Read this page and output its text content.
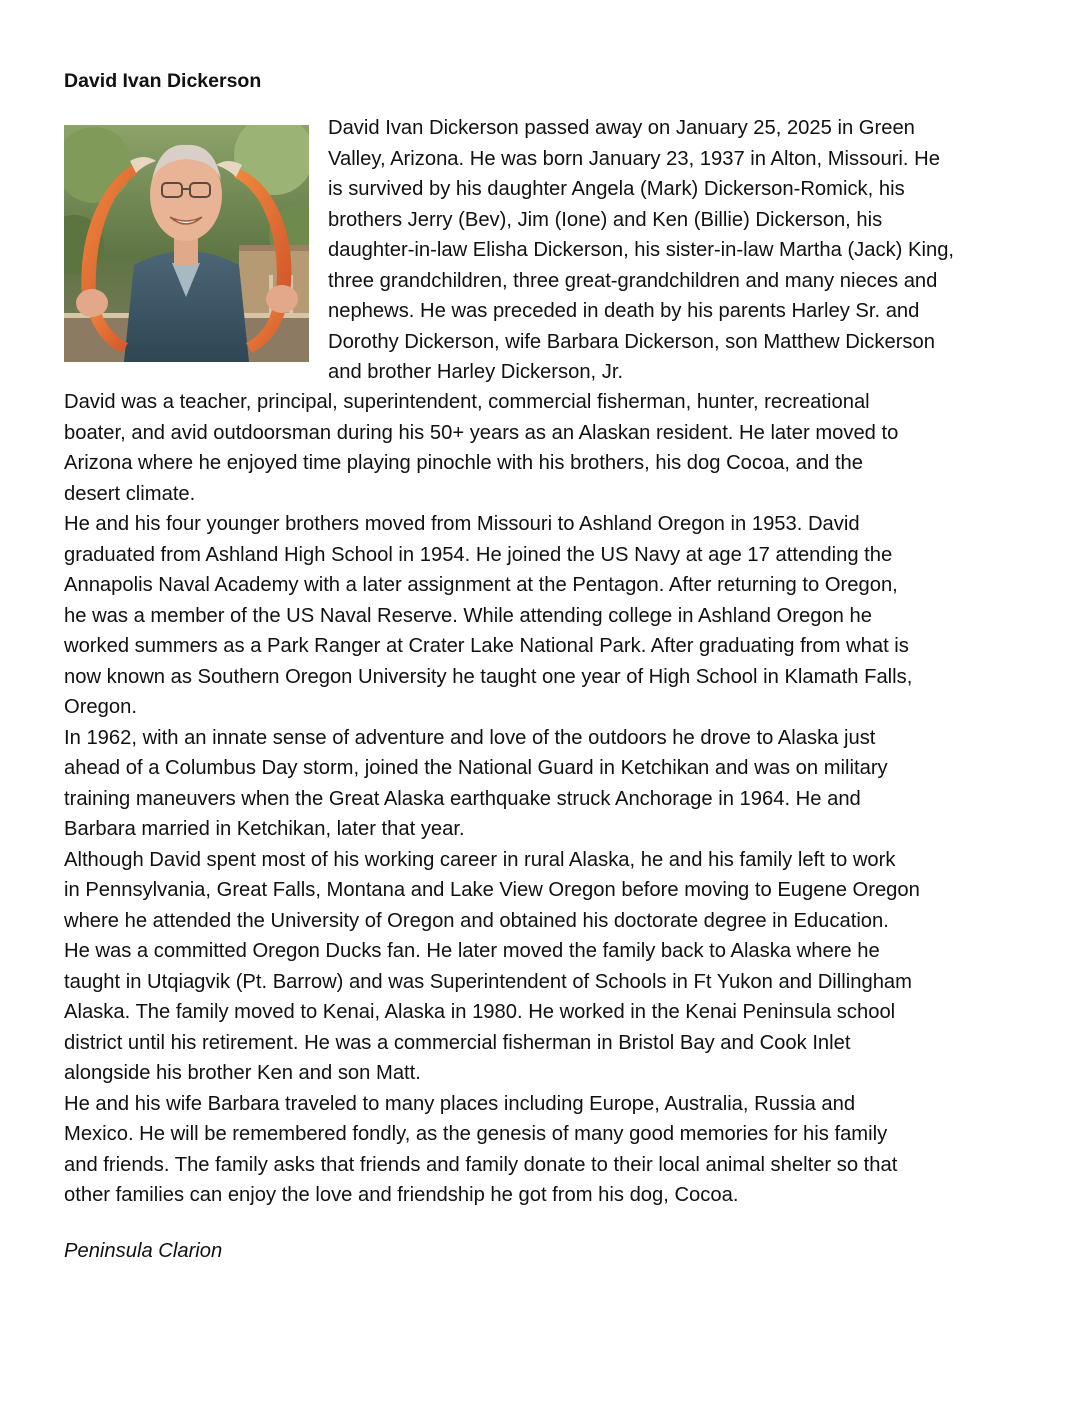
David Ivan Dickerson
David Ivan Dickerson passed away on January 25, 2025 in Green
Valley, Arizona. He was born January 23, 1937 in Alton, Missouri. He
is survived by his daughter Angela (Mark) Dickerson-Romick, his
brothers Jerry (Bev), Jim (Ione) and Ken (Billie) Dickerson, his
daughter-in-law Elisha Dickerson, his sister-in-law Martha (Jack) King,
three grandchildren, three great-grandchildren and many nieces and
nephews. He was preceded in death by his parents Harley Sr. and
Dorothy Dickerson, wife Barbara Dickerson, son Matthew Dickerson
and brother Harley Dickerson, Jr.
David was a teacher, principal, superintendent, commercial fisherman, hunter, recreational
boater, and avid outdoorsman during his 50+ years as an Alaskan resident. He later moved to
Arizona where he enjoyed time playing pinochle with his brothers, his dog Cocoa, and the
desert climate.
He and his four younger brothers moved from Missouri to Ashland Oregon in 1953. David
graduated from Ashland High School in 1954. He joined the US Navy at age 17 attending the
Annapolis Naval Academy with a later assignment at the Pentagon. After returning to Oregon,
he was a member of the US Naval Reserve. While attending college in Ashland Oregon he
worked summers as a Park Ranger at Crater Lake National Park. After graduating from what is
now known as Southern Oregon University he taught one year of High School in Klamath Falls,
Oregon.
In 1962, with an innate sense of adventure and love of the outdoors he drove to Alaska just
ahead of a Columbus Day storm, joined the National Guard in Ketchikan and was on military
training maneuvers when the Great Alaska earthquake struck Anchorage in 1964. He and
Barbara married in Ketchikan, later that year.
Although David spent most of his working career in rural Alaska, he and his family left to work
in Pennsylvania, Great Falls, Montana and Lake View Oregon before moving to Eugene Oregon
where he attended the University of Oregon and obtained his doctorate degree in Education.
He was a committed Oregon Ducks fan. He later moved the family back to Alaska where he
taught in Utqiagvik (Pt. Barrow) and was Superintendent of Schools in Ft Yukon and Dillingham
Alaska. The family moved to Kenai, Alaska in 1980. He worked in the Kenai Peninsula school
district until his retirement. He was a commercial fisherman in Bristol Bay and Cook Inlet
alongside his brother Ken and son Matt.
He and his wife Barbara traveled to many places including Europe, Australia, Russia and
Mexico. He will be remembered fondly, as the genesis of many good memories for his family
and friends. The family asks that friends and family donate to their local animal shelter so that
other families can enjoy the love and friendship he got from his dog, Cocoa.
Peninsula Clarion
